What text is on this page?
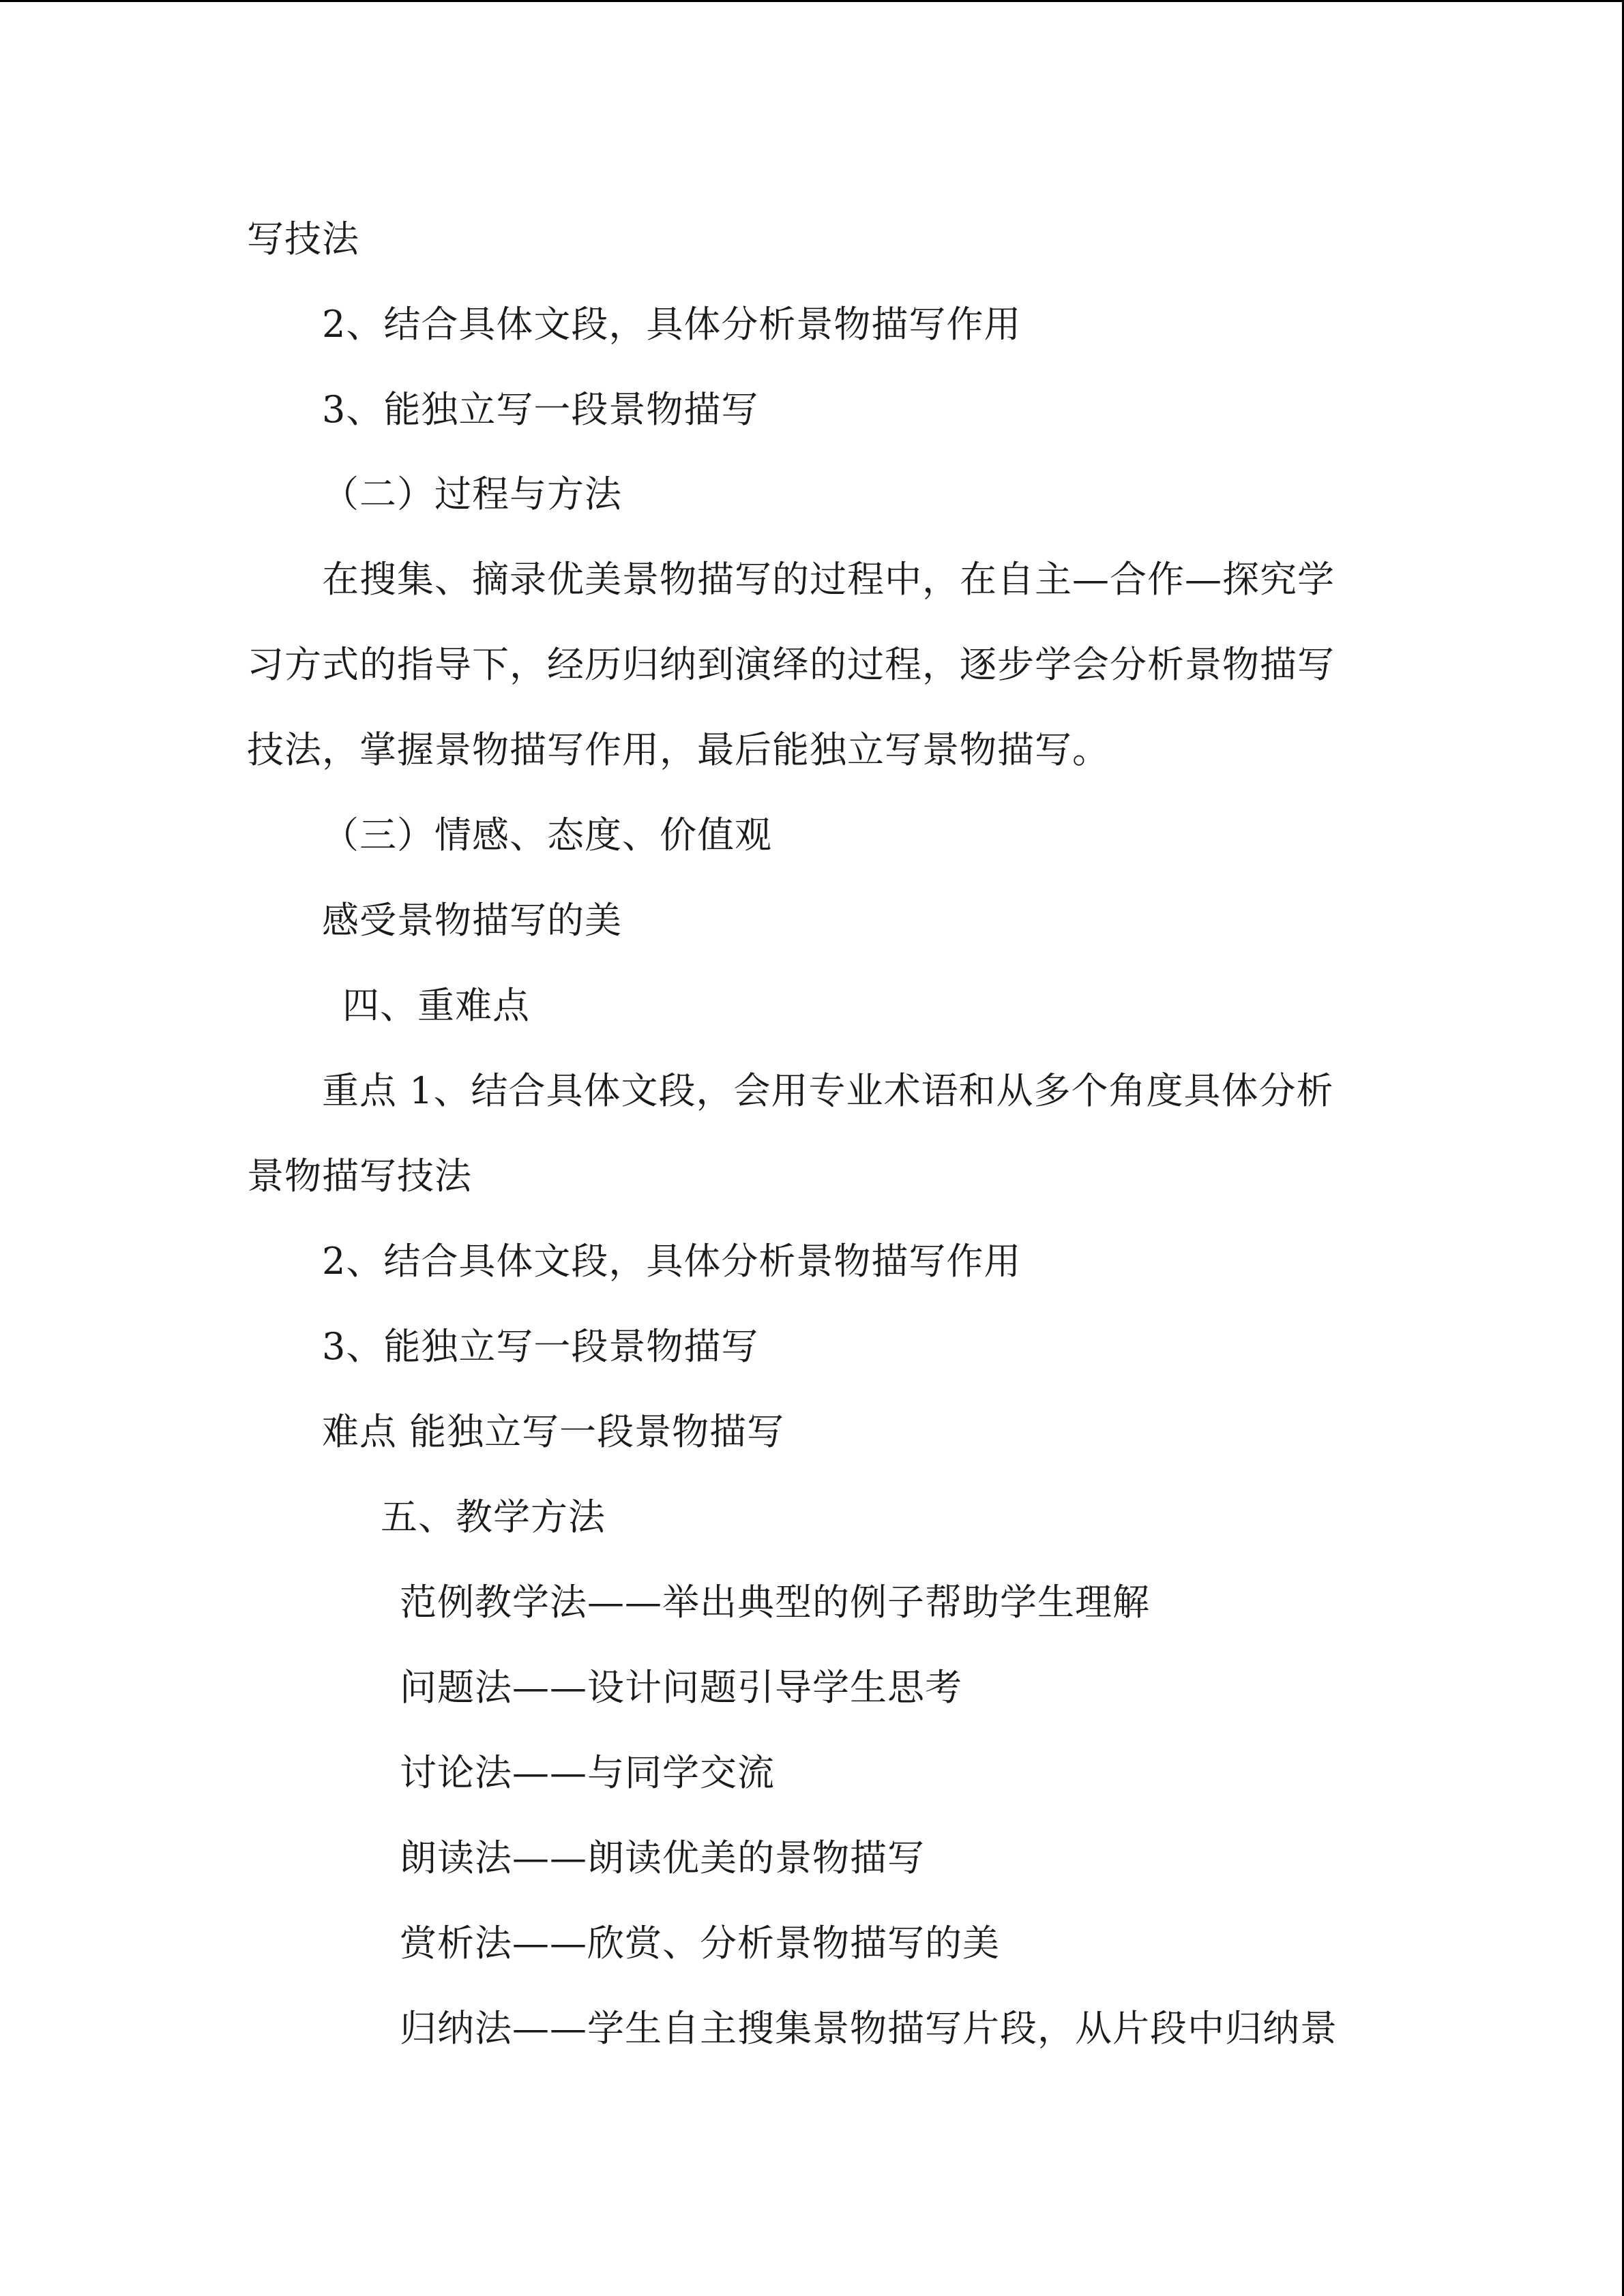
写技法
2、结合具体文段，具体分析景物描写作用
3、能独立写一段景物描写
（二）过程与方法
在搜集、摘录优美景物描写的过程中，在自主—合作—探究学
习方式的指导下，经历归纳到演绎的过程，逐步学会分析景物描写
技法，掌握景物描写作用，最后能独立写景物描写。
（三）情感、态度、价值观
感受景物描写的美
四、重难点
重点 1、结合具体文段，会用专业术语和从多个角度具体分析
景物描写技法
2、结合具体文段，具体分析景物描写作用
3、能独立写一段景物描写
难点 能独立写一段景物描写
五、教学方法
范例教学法——举出典型的例子帮助学生理解
问题法——设计问题引导学生思考
讨论法——与同学交流
朗读法——朗读优美的景物描写
赏析法——欣赏、分析景物描写的美
归纳法——学生自主搜集景物描写片段，从片段中归纳景
